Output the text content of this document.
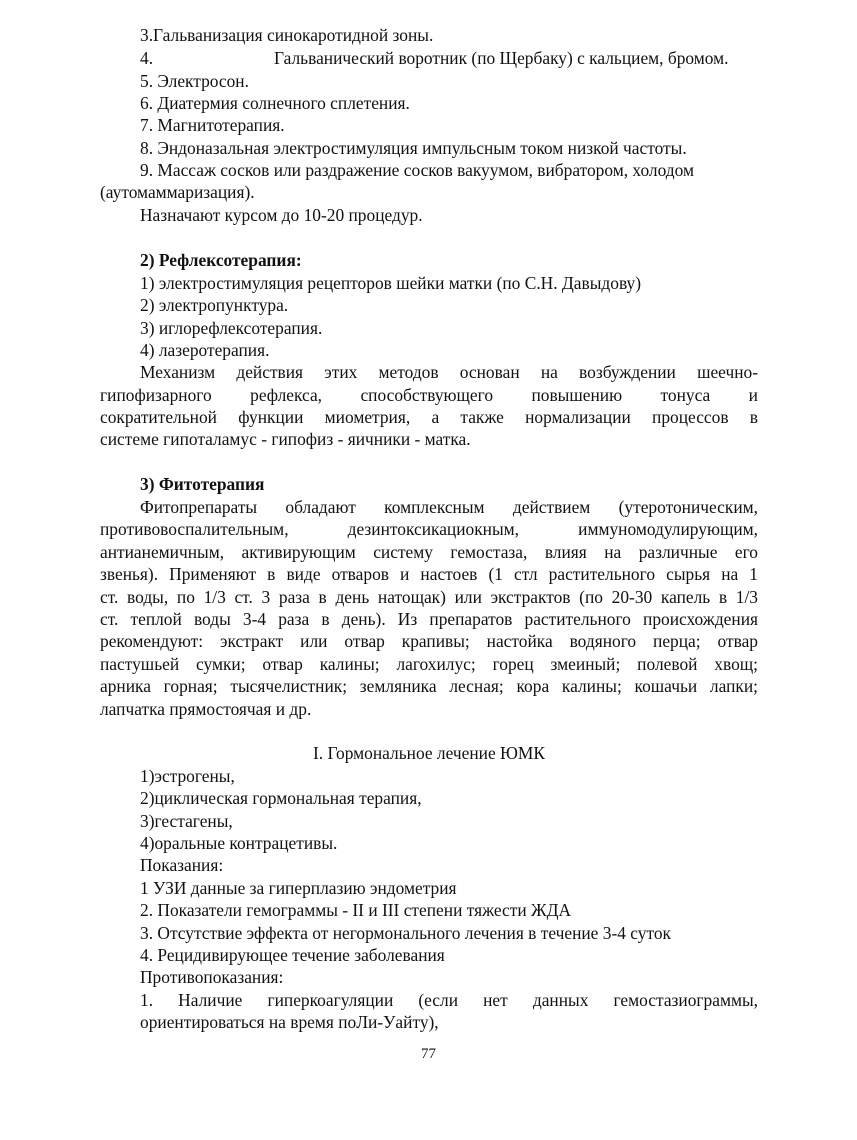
3.Гальванизация синокаротидной зоны.
4.	Гальванический воротник (по Щербаку) с кальцием, бромом.
5. Электросон.
6. Диатермия солнечного сплетения.
7. Магнитотерапия.
8. Эндоназальная электростимуляция импульсным током низкой частоты.
9. Массаж сосков или раздражение сосков вакуумом, вибратором, холодом
(аутомаммаризация).
Назначают курсом до 10-20 процедур.
2) Рефлексотерапия:
1) электростимуляция рецепторов шейки матки (по С.Н. Давыдову)
2) электропунктура.
3) иглорефлексотерапия.
4) лазеротерапия.
Механизм действия этих методов основан на возбуждении шеечно-
гипофизарного рефлекса, способствующего повышению тонуса и
сократительной функции миометрия, а также нормализации процессов в
системе гипоталамус - гипофиз - яичники - матка.
3) Фитотерапия
Фитопрепараты обладают комплексным действием (утеротоническим,
противовоспалительным, дезинтоксикациокным, иммуномодулирующим,
антианемичным, активирующим систему гемостаза, влияя на различные его
звенья). Применяют в виде отваров и настоев (1 стл растительного сырья на 1
ст. воды, по 1/3 ст. 3 раза в день натощак) или экстрактов (по 20-30 капель в 1/3
ст. теплой воды 3-4 раза в день). Из препаратов растительного происхождения
рекомендуют: экстракт или отвар крапивы; настойка водяного перца; отвар
пастушьей сумки; отвар калины; лагохилус; горец змеиный; полевой хвощ;
арника горная; тысячелистник; земляника лесная; кора калины; кошачьи лапки;
лапчатка прямостоячая и др.
I. Гормональное лечение ЮМК
1)эстрогены,
2)циклическая гормональная терапия,
3)гестагены,
4)оральные контрацетивы.
Показания:
1 УЗИ данные за гиперплазию эндометрия
2. Показатели гемограммы - II и III степени тяжести ЖДА
3. Отсутствие эффекта от негормонального лечения в течение 3-4 суток
4. Рецидивирующее течение заболевания
Противопоказания:
1. Наличие гиперкоагуляции (если нет данных гемостазиограммы,
ориентироваться на время поЛи-Уайту),
77
